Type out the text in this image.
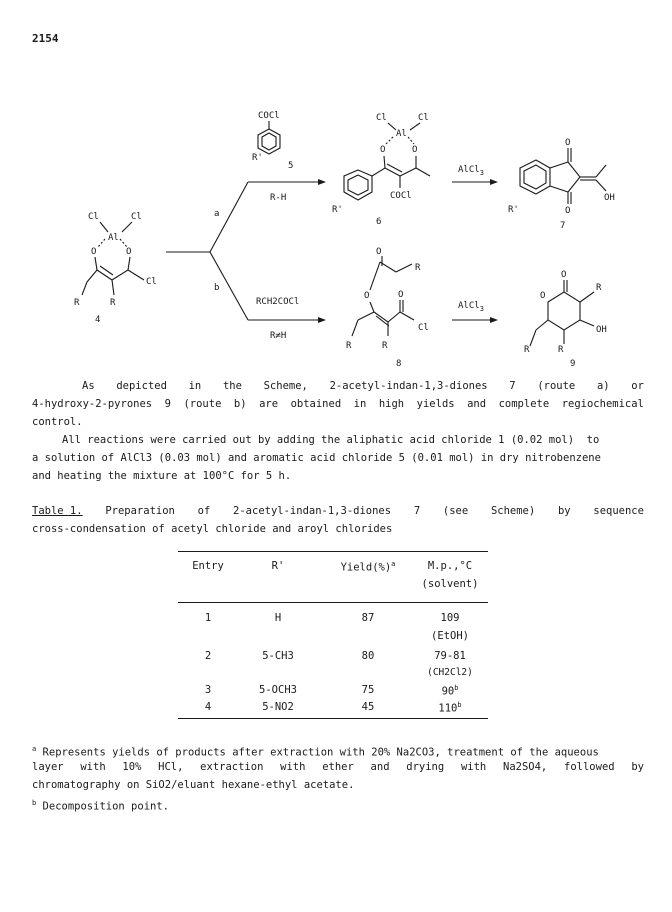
2154
Cl	Cl
Al
O	O
Cl
R	R
4
a
b
R-H
RCH2COCl
R≠H
COCl
R'
5
Cl	Cl
Al
O	O
COCl
R'
6
AlCl$_3$
O
O
OH
R'
7
O
R
O	O
Cl
R	R
8
AlCl$_3$
O
O
R
OH
R	R
9
As depicted in the Scheme, 2-acetyl-indan-1,3-diones 7 (route a) or
4-hydroxy-2-pyrones 9 (route b) are obtained in high yields and complete regiochemical
control.
All reactions were carried out by adding the aliphatic acid chloride 1 (0.02 mol)  to
a solution of AlCl3 (0.03 mol) and aromatic acid chloride 5 (0.01 mol) in dry nitrobenzene
and heating the mixture at 100°C for 5 h.
Table 1. Preparation of 2-acetyl-indan-1,3-diones 7 (see Scheme) by sequence
cross-condensation of acetyl chloride and aroyl chlorides
Entry	R'	Yield(%)$^a$	M.p.,°C
(solvent)
1	H	87	109
(EtOH)
2	5-CH3	80	79-81
(CH2Cl2)
3	5-OCH3	75	90$^b$
4	5-NO2	45	110$^b$
$^a$ Represents yields of products after extraction with 20% Na2CO3, treatment of the aqueous
layer with 10% HCl, extraction with ether and drying with Na2SO4, followed by
chromatography on SiO2/eluant hexane-ethyl acetate.
$^b$ Decomposition point.
